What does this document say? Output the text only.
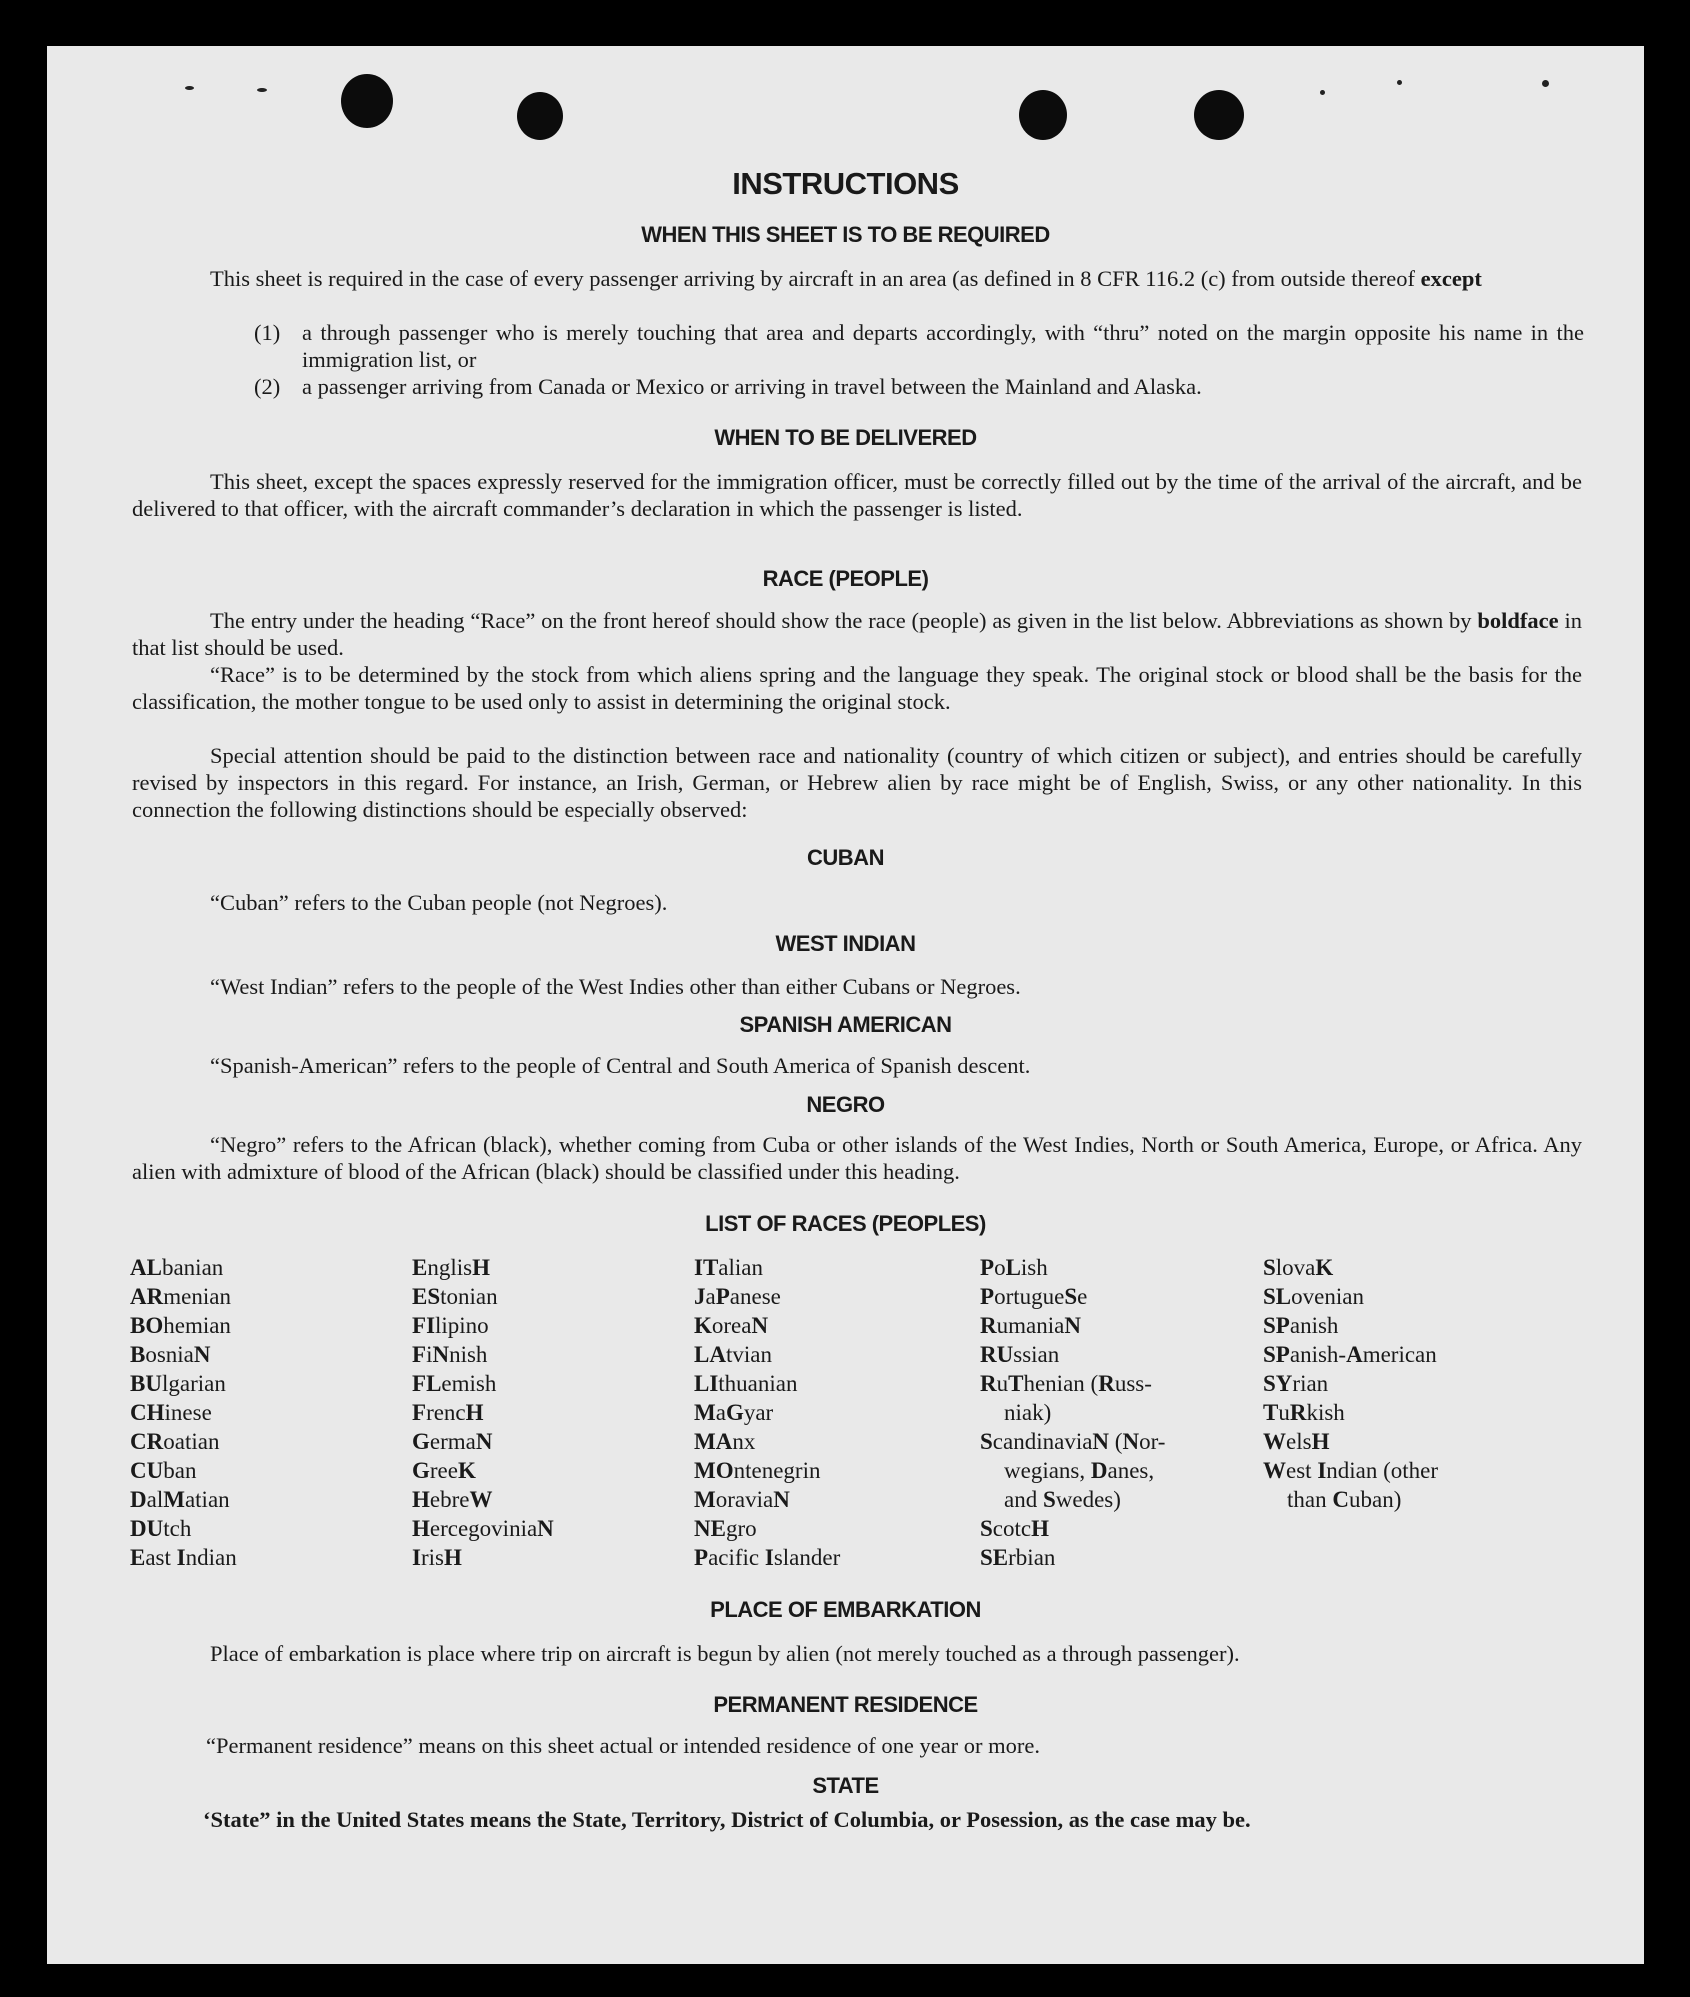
INSTRUCTIONS
WHEN THIS SHEET IS TO BE REQUIRED
This sheet is required in the case of every passenger arriving by aircraft in an area (as defined in 8 CFR 116.2 (c) from outside thereof except
(1) a through passenger who is merely touching that area and departs accordingly, with “thru” noted on the margin opposite his name in the immigration list, or
(2) a passenger arriving from Canada or Mexico or arriving in travel between the Mainland and Alaska.
WHEN TO BE DELIVERED
This sheet, except the spaces expressly reserved for the immigration officer, must be correctly filled out by the time of the arrival of the aircraft, and be delivered to that officer, with the aircraft commander’s declaration in which the passenger is listed.
RACE (PEOPLE)
The entry under the heading “Race” on the front hereof should show the race (people) as given in the list below. Abbreviations as shown by boldface in that list should be used.
“Race” is to be determined by the stock from which aliens spring and the language they speak. The original stock or blood shall be the basis for the classification, the mother tongue to be used only to assist in determining the original stock.
Special attention should be paid to the distinction between race and nationality (country of which citizen or subject), and entries should be carefully revised by inspectors in this regard. For instance, an Irish, German, or Hebrew alien by race might be of English, Swiss, or any other nationality. In this connection the following distinctions should be especially observed:
CUBAN
“Cuban” refers to the Cuban people (not Negroes).
WEST INDIAN
“West Indian” refers to the people of the West Indies other than either Cubans or Negroes.
SPANISH AMERICAN
“Spanish-American” refers to the people of Central and South America of Spanish descent.
NEGRO
“Negro” refers to the African (black), whether coming from Cuba or other islands of the West Indies, North or South America, Europe, or Africa. Any alien with admixture of blood of the African (black) should be classified under this heading.
LIST OF RACES (PEOPLES)
ALbanian
ARmenian
BOhemian
BosniaN
BUlgarian
CHinese
CRoatian
CUban
DalMatian
DUtch
East Indian
EnglisH
EStonian
FIlipino
FiNnish
FLemish
FrencH
GermaN
GreeK
HebreW
HercegoviniaN
IrisH
ITalian
JaPanese
KoreaN
LAtvian
LIthuanian
MaGyar
MAnx
MOntenegrin
MoraviaN
NEgro
Pacific Islander
PoLish
PortugueSe
RumaniaN
RUssian
RuThenian (Russ-
niak)
ScandinaviaN (Nor-
wegians, Danes,
and Swedes)
ScotcH
SErbian
SlovaK
SLovenian
SPanish
SPanish-American
SYrian
TuRkish
WelsH
West Indian (other
than Cuban)
PLACE OF EMBARKATION
Place of embarkation is place where trip on aircraft is begun by alien (not merely touched as a through passenger).
PERMANENT RESIDENCE
“Permanent residence” means on this sheet actual or intended residence of one year or more.
STATE
‘State” in the United States means the State, Territory, District of Columbia, or Posession, as the case may be.
